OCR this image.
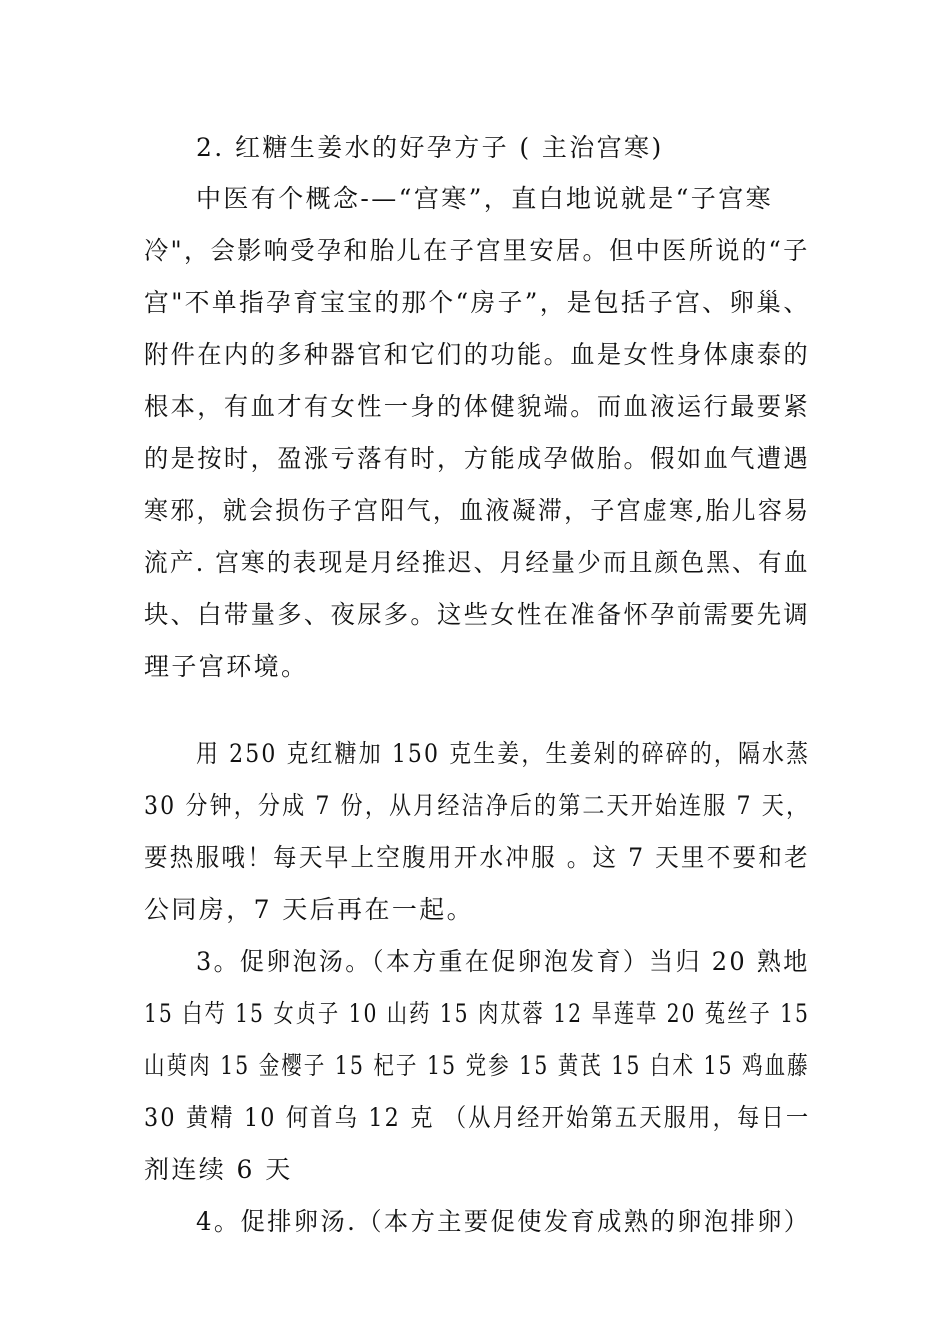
2. 红糖生姜水的好孕方子 ( 主治宫寒)
中医有个概念-—“宫寒”，直白地说就是“子宫寒
冷"，会影响受孕和胎儿在子宫里安居。但中医所说的“子
宫"不单指孕育宝宝的那个“房子”，是包括子宫、卵巢、
附件在内的多种器官和它们的功能。血是女性身体康泰的
根本，有血才有女性一身的体健貌端。而血液运行最要紧
的是按时，盈涨亏落有时，方能成孕做胎。假如血气遭遇
寒邪，就会损伤子宫阳气，血液凝滞，子宫虚寒,胎儿容易
流产. 宫寒的表现是月经推迟、月经量少而且颜色黑、有血
块、白带量多、夜尿多。这些女性在准备怀孕前需要先调
理子宫环境。
用 250 克红糖加 150 克生姜，生姜剁的碎碎的，隔水蒸
30 分钟，分成 7 份，从月经洁净后的第二天开始连服 7 天，
要热服哦！每天早上空腹用开水冲服 。这 7 天里不要和老
公同房，7 天后再在一起。
3。促卵泡汤。（本方重在促卵泡发育）当归 20 熟地
15 白芍 15 女贞子 10 山药 15 肉苁蓉 12 旱莲草 20 菟丝子 15
山萸肉 15 金樱子 15 杞子 15 党参 15 黄芪 15 白术 15 鸡血藤
30 黄精 10 何首乌 12 克 （从月经开始第五天服用，每日一
剂连续 6 天
4。促排卵汤.（本方主要促使发育成熟的卵泡排卵）
